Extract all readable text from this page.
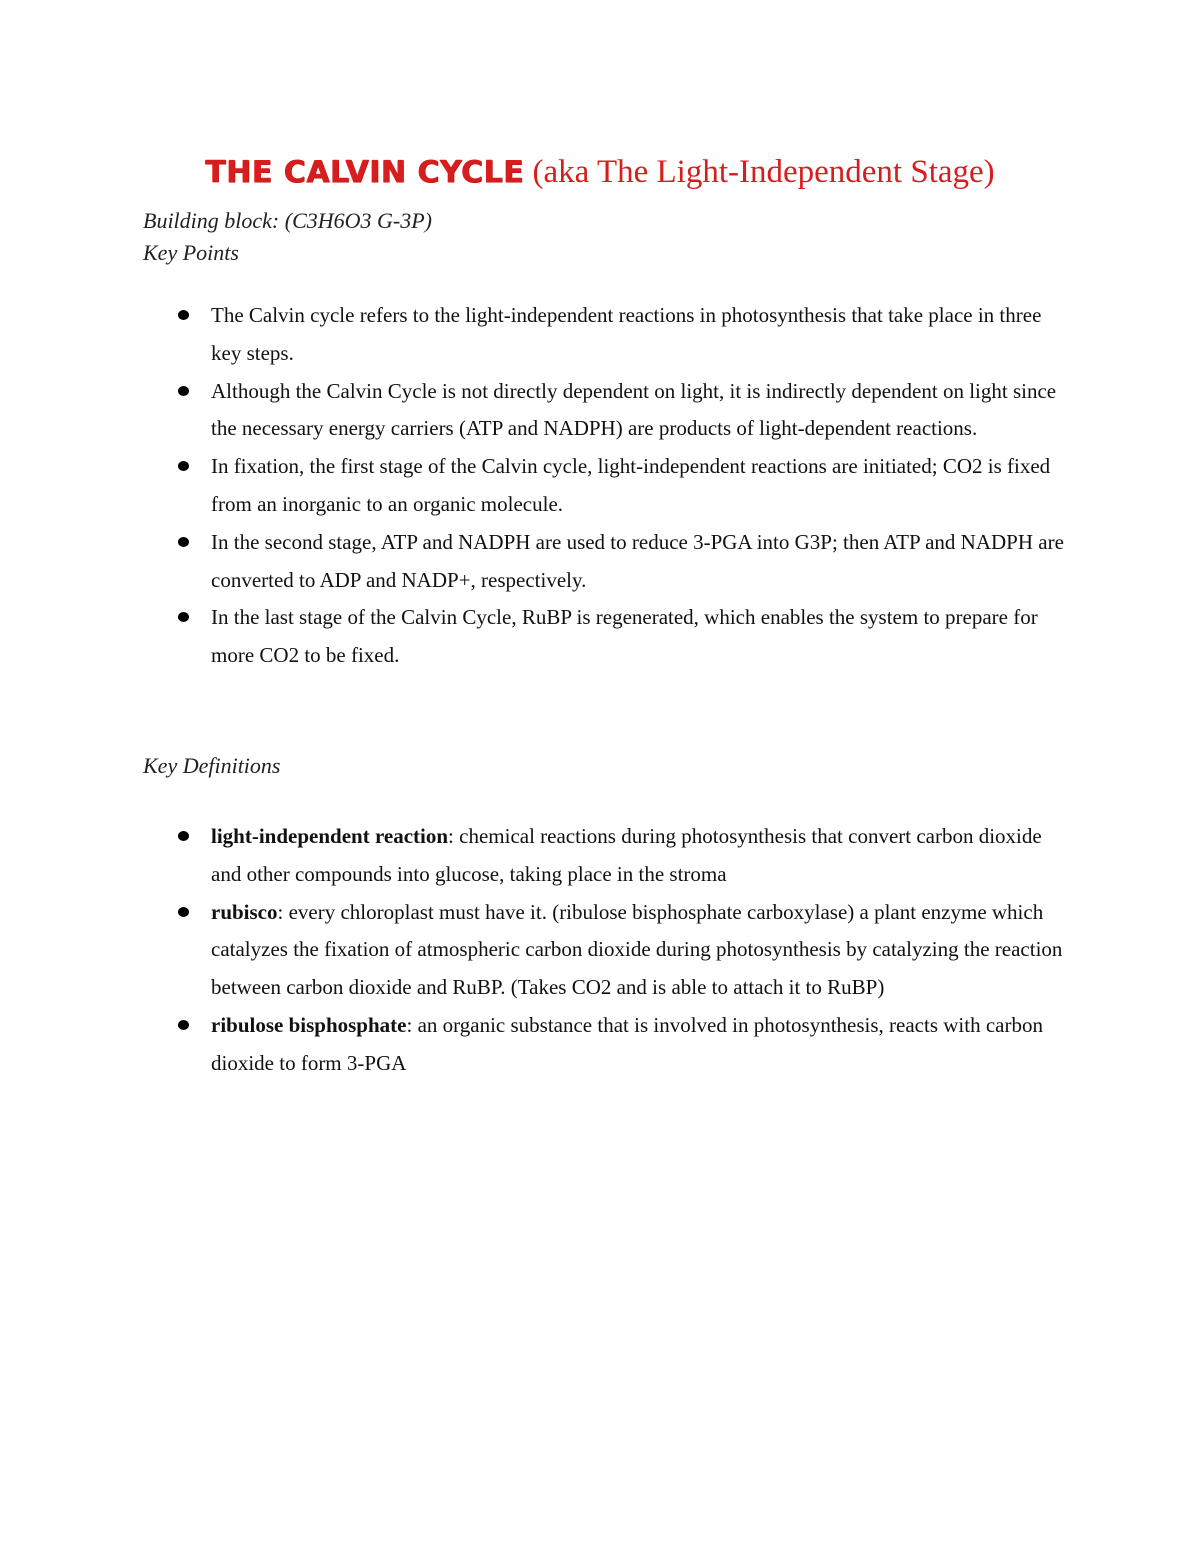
THE CALVIN CYCLE (aka The Light-Independent Stage)
Building block: (C3H6O3 G-3P)
Key Points
The Calvin cycle refers to the light-independent reactions in photosynthesis that take place in three key steps.
Although the Calvin Cycle is not directly dependent on light, it is indirectly dependent on light since the necessary energy carriers (ATP and NADPH) are products of light-dependent reactions.
In fixation, the first stage of the Calvin cycle, light-independent reactions are initiated; CO2 is fixed from an inorganic to an organic molecule.
In the second stage, ATP and NADPH are used to reduce 3-PGA into G3P; then ATP and NADPH are converted to ADP and NADP+, respectively.
In the last stage of the Calvin Cycle, RuBP is regenerated, which enables the system to prepare for more CO2 to be fixed.
Key Definitions
light-independent reaction: chemical reactions during photosynthesis that convert carbon dioxide and other compounds into glucose, taking place in the stroma
rubisco: every chloroplast must have it. (ribulose bisphosphate carboxylase) a plant enzyme which catalyzes the fixation of atmospheric carbon dioxide during photosynthesis by catalyzing the reaction between carbon dioxide and RuBP. (Takes CO2 and is able to attach it to RuBP)
ribulose bisphosphate: an organic substance that is involved in photosynthesis, reacts with carbon dioxide to form 3-PGA
